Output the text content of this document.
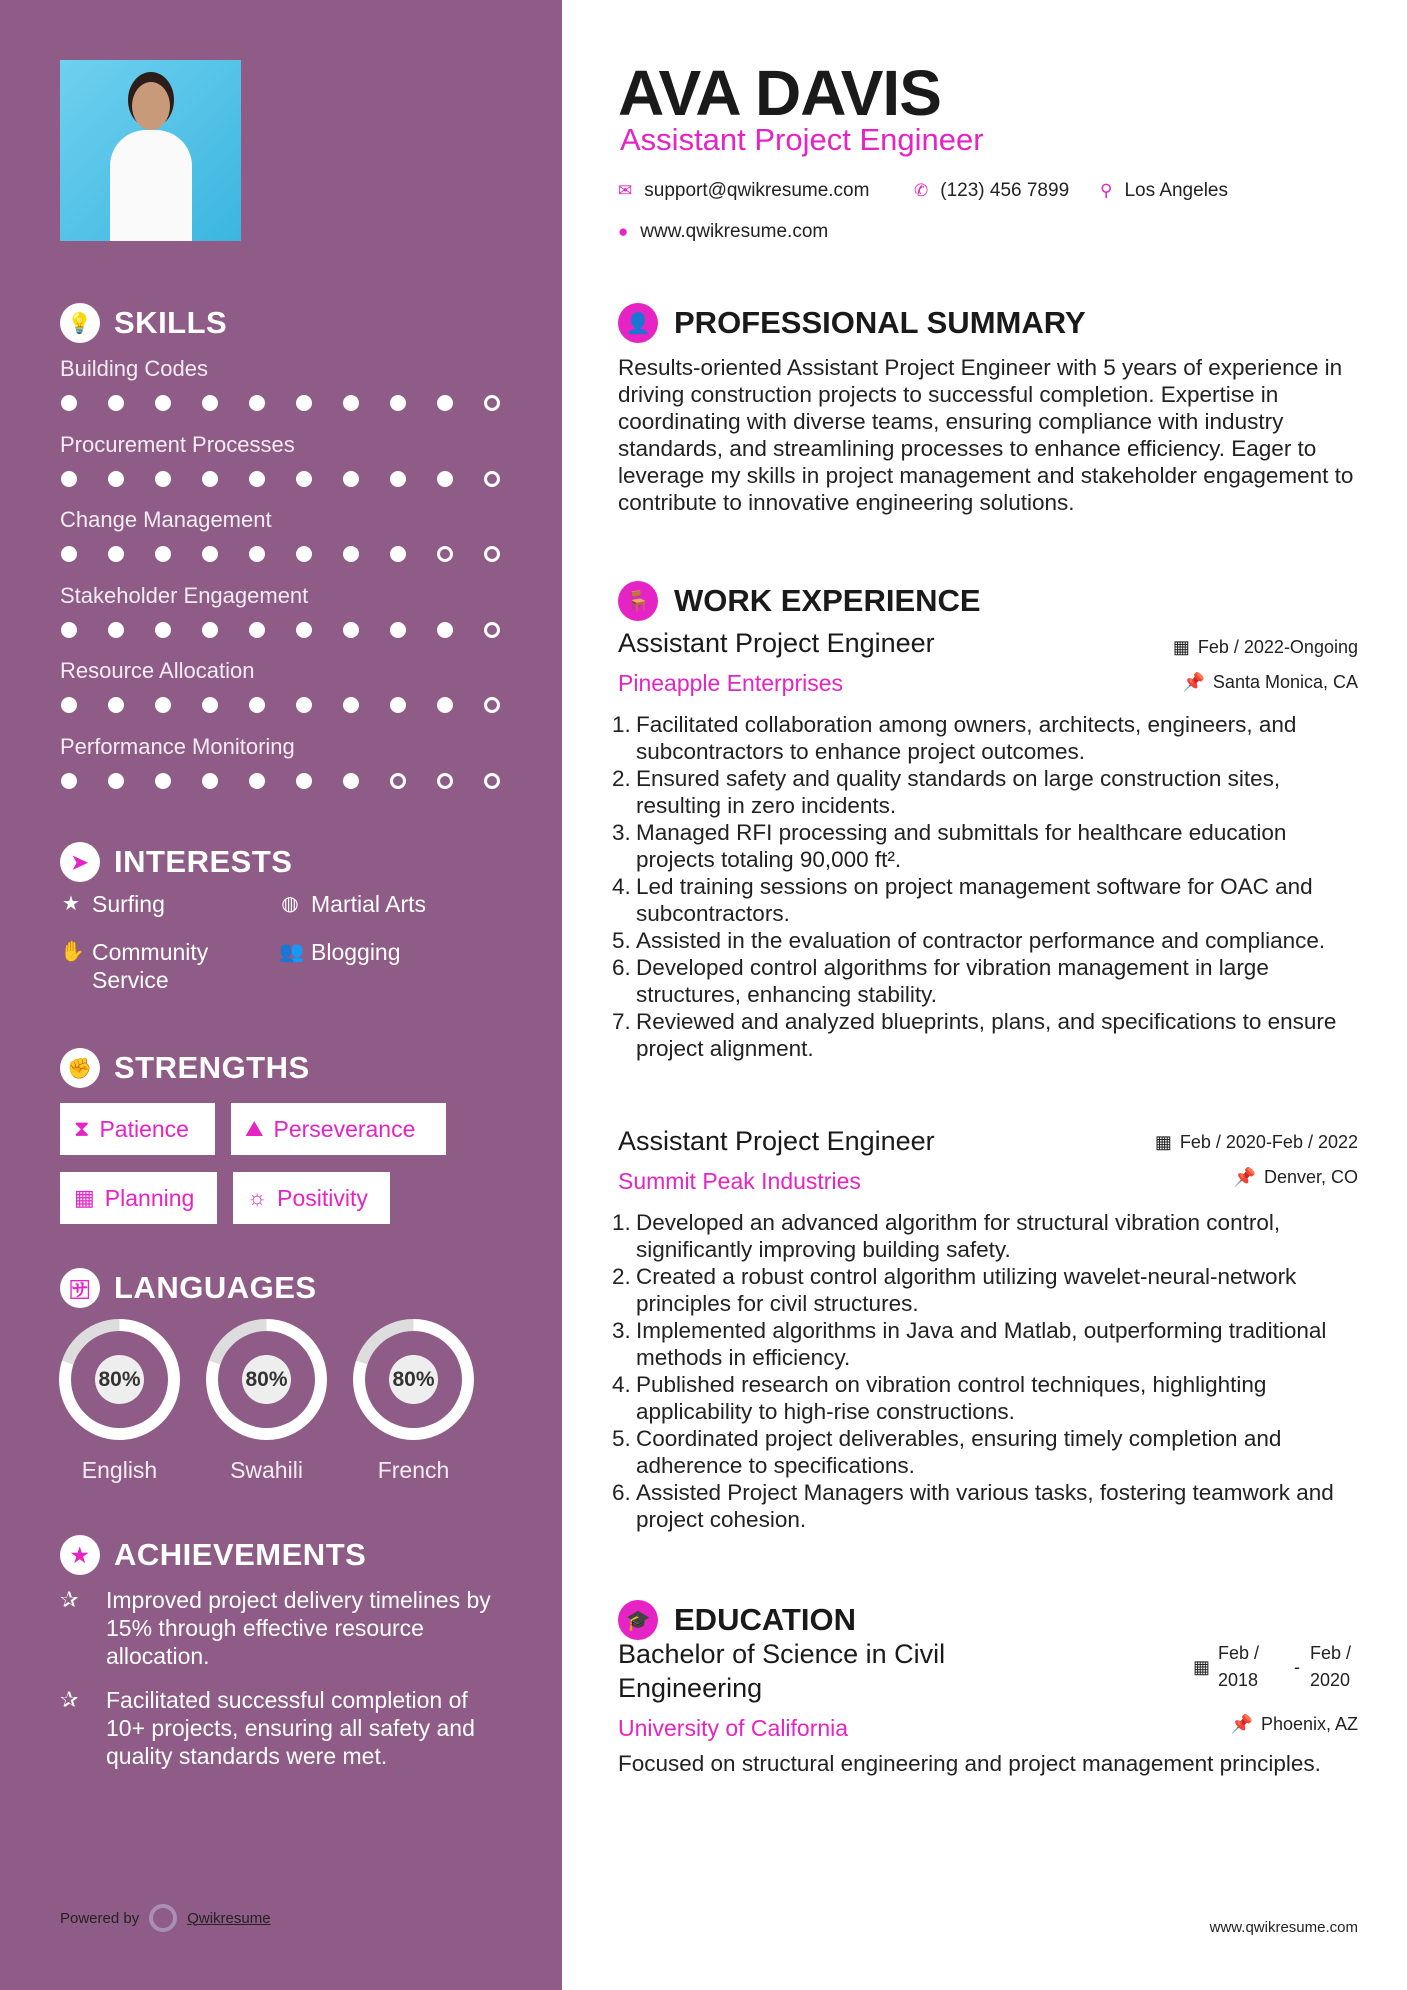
💡 SKILLS
Building Codes
Procurement Processes
Change Management
Stakeholder Engagement
Resource Allocation
Performance Monitoring
➤ INTERESTS
★ Surfing	◍ Martial Arts
✋ Community Service
👥 Blogging
✊ STRENGTHS
⧗ Patience	⛰ Perseverance
▦ Planning ☼ Positivity
🈂 LANGUAGES
80%	80%	80%
English	Swahili	French
★ ACHIEVEMENTS
✰	Improved project delivery timelines by 15% through effective resource allocation.
✰	Facilitated successful completion of 10+ projects, ensuring all safety and quality standards were met.
Powered by	Qwikresume
AVA DAVIS
Assistant Project Engineer
✉ support@qwikresume.com	✆ (123) 456 7899 ⚲ Los Angeles
● www.qwikresume.com
👤 PROFESSIONAL SUMMARY
Results-oriented Assistant Project Engineer with 5 years of experience in driving construction projects to successful completion. Expertise in coordinating with diverse teams, ensuring compliance with industry standards, and streamlining processes to enhance efficiency. Eager to leverage my skills in project management and stakeholder engagement to contribute to innovative engineering solutions.
🪑 WORK EXPERIENCE
Assistant Project Engineer
Pineapple Enterprises
▦ Feb / 2022-Ongoing
📌 Santa Monica, CA
Facilitated collaboration among owners, architects, engineers, and subcontractors to enhance project outcomes.
Ensured safety and quality standards on large construction sites, resulting in zero incidents.
Managed RFI processing and submittals for healthcare education projects totaling 90,000 ft².
Led training sessions on project management software for OAC and subcontractors.
Assisted in the evaluation of contractor performance and compliance.
Developed control algorithms for vibration management in large structures, enhancing stability.
Reviewed and analyzed blueprints, plans, and specifications to ensure project alignment.
Assistant Project Engineer
Summit Peak Industries
▦ Feb / 2020-Feb / 2022
📌 Denver, CO
Developed an advanced algorithm for structural vibration control, significantly improving building safety.
Created a robust control algorithm utilizing wavelet-neural-network principles for civil structures.
Implemented algorithms in Java and Matlab, outperforming traditional methods in efficiency.
Published research on vibration control techniques, highlighting applicability to high-rise constructions.
Coordinated project deliverables, ensuring timely completion and adherence to specifications.
Assisted Project Managers with various tasks, fostering teamwork and project cohesion.
🎓 EDUCATION
Bachelor of Science in Civil Engineering
University of California
▦
Feb / 2018
-
Feb / 2020
📌 Phoenix, AZ
Focused on structural engineering and project management principles.
www.qwikresume.com
